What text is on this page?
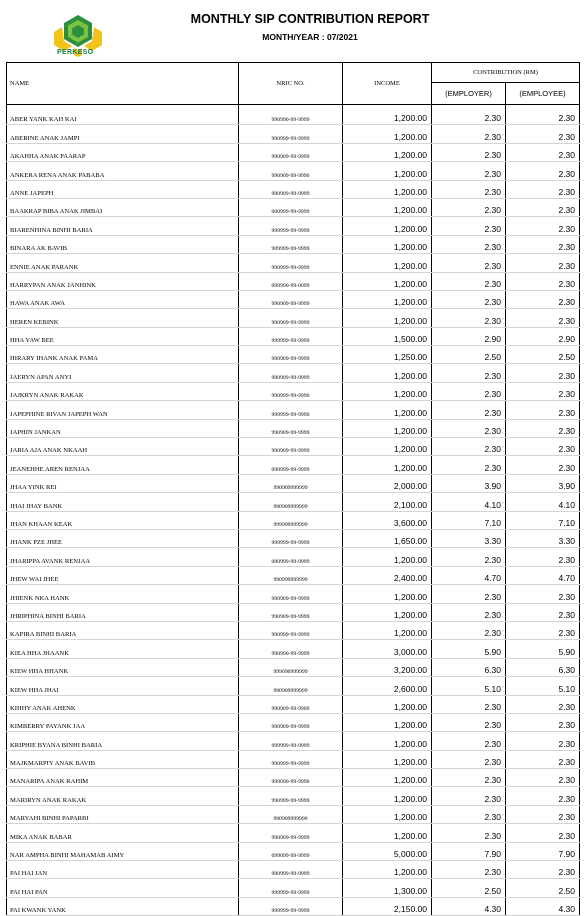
PERKESO
MONTHLY SIP CONTRIBUTION REPORT
MONTH/YEAR : 07/2021
NAME	NRIC NO.	INCOME	CONTRIBUTION (RM)	
			(EMPLOYER)	(EMPLOYEE)

ABER YANK KAH KAI	990990-99-9999	1,200.00	2.30	2.30
ABERINE ANAK JAMPI	990999-99-9999	1,200.00	2.30	2.30
AKAHHA ANAK PAARAP	990909-99-9999	1,200.00	2.30	2.30
ANKERA RENA ANAK PABABA	990909-99-9990	1,200.00	2.30	2.30
ANNE JAPEPH	990909-99-9999	1,200.00	2.30	2.30
BAAKRAP BIBA ANAK JIMBAI	000999-99-9999	1,200.00	2.30	2.30
BIARENHINA BINHI BARIA	999999-99-9999	1,200.00	2.30	2.30
BINARA AK BAVIB	909999-99-9999	1,200.00	2.30	2.30
ENNIE ANAK PARANK	990999-99-9999	1,200.00	2.30	2.30
HARRYPAN ANAK JANHINK	099990-99-0099	1,200.00	2.30	2.30
HAWA ANAK AWA	990909-99-9999	1,200.00	2.30	2.30
HEREN KEBINK	990909-99-9999	1,200.00	2.30	2.30
HHA YAW BEE	999999-99-9999	1,500.00	2.90	2.90
HIRARY IHANK ANAK PAMA	990909-99-9999	1,250.00	2.50	2.50
JAERYN APAN ANYI	990909-99-9999	1,200.00	2.30	2.30
JAJKRYN ANAK RAKAK	990999-99-9990	1,200.00	2.30	2.30
JAPEPHINE RIVAN JAPEPH WAN	999999-99-9990	1,200.00	2.30	2.30
JAPHIN JANKAN	990909-99-9999	1,200.00	2.30	2.30
JARIA AJA ANAK NKAAH	990909-99-9999	1,200.00	2.30	2.30
JEANEHHE AREN RENJAA	090999-99-9999	1,200.00	2.30	2.30
JHAA YINK REI	990909999999	2,000.00	3.90	3.90
JHAI JHAY BANK	990909999999	2,100.00	4.10	4.10
JHAN KHAAN KEAK	999999999999	3,600.00	7.10	7.10
JHANK PZE JHEE	999999-99-9999	1,650.00	3.30	3.30
JHARIPPA AVANK RENJAA	090999-99-9999	1,200.00	2.30	2.30
JHEW WAI JHEE	990999999999	2,400.00	4.70	4.70
JHIENK NKA HANK	990909-99-9999	1,200.00	2.30	2.30
JHRIPHINA BINHI BARIA	990909-99-9999	1,200.00	2.30	2.30
KAPIRA BINHI BARIA	990999-99-9999	1,200.00	2.30	2.30
KIEA HHA JHAANK	990990-99-9999	3,000.00	5.90	5.90
KIEW HHA HHANK	999090999999	3,200.00	6.30	6.30
KIEW HHA JHAI	990909999999	2,600.00	5.10	5.10
KIHHY ANAK AHENK	990909-99-9909	1,200.00	2.30	2.30
KIMBERRY PAYANK JAA	990909-99-9999	1,200.00	2.30	2.30
KRIPHIE BYANA BINHI BARIA	999999-99-9999	1,200.00	2.30	2.30
MAJKMARPIY ANAK BAVIB	990999-99-9999	1,200.00	2.30	2.30
MANARIPA ANAK RAHIM	999090-99-9990	1,200.00	2.30	2.30
MARIRYN ANAK RAKAK	990999-99-9999	1,200.00	2.30	2.30
MARYAHI BINHI PAPARBI	990909999990	1,200.00	2.30	2.30
MIKA ANAK BABAR	990909-99-9999	1,200.00	2.30	2.30
NAR AMPHA BINHI MAHAMAB AIMY	099099-99-9999	5,000.00	7.90	7.90
PAI HAI JAN	990999-99-9999	1,200.00	2.30	2.30
PAI HAI PAN	999999-99-9999	1,300.00	2.50	2.50
PAI KWANK YANK	999999-99-9999	2,150.00	4.30	4.30
